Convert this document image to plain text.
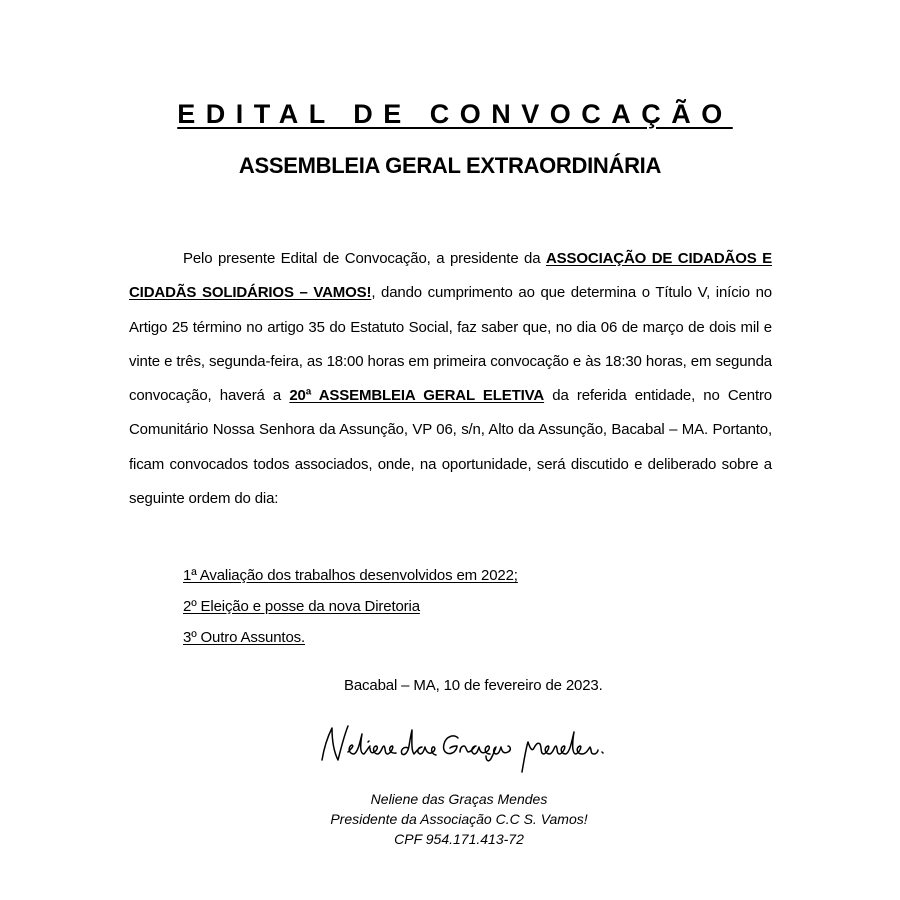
EDITAL DE CONVOCAÇÃO
ASSEMBLEIA GERAL EXTRAORDINÁRIA
Pelo presente Edital de Convocação, a presidente da ASSOCIAÇÃO DE CIDADÃOS E CIDADÃS SOLIDÁRIOS – VAMOS!, dando cumprimento ao que determina o Título V, início no Artigo 25 término no artigo 35 do Estatuto Social, faz saber que, no dia 06 de março de dois mil e vinte e três, segunda-feira, as 18:00 horas em primeira convocação e às 18:30 horas, em segunda convocação, haverá a 20ª ASSEMBLEIA GERAL ELETIVA da referida entidade, no Centro Comunitário Nossa Senhora da Assunção, VP 06, s/n, Alto da Assunção, Bacabal – MA. Portanto, ficam convocados todos associados, onde, na oportunidade, será discutido e deliberado sobre a seguinte ordem do dia:
1ª Avaliação dos trabalhos desenvolvidos em 2022;
2º Eleição e posse da nova Diretoria
3º Outro Assuntos.
Bacabal – MA, 10 de fevereiro de 2023.
Neliene das Graças Mendes
Presidente da Associação C.C S. Vamos!
CPF 954.171.413-72
